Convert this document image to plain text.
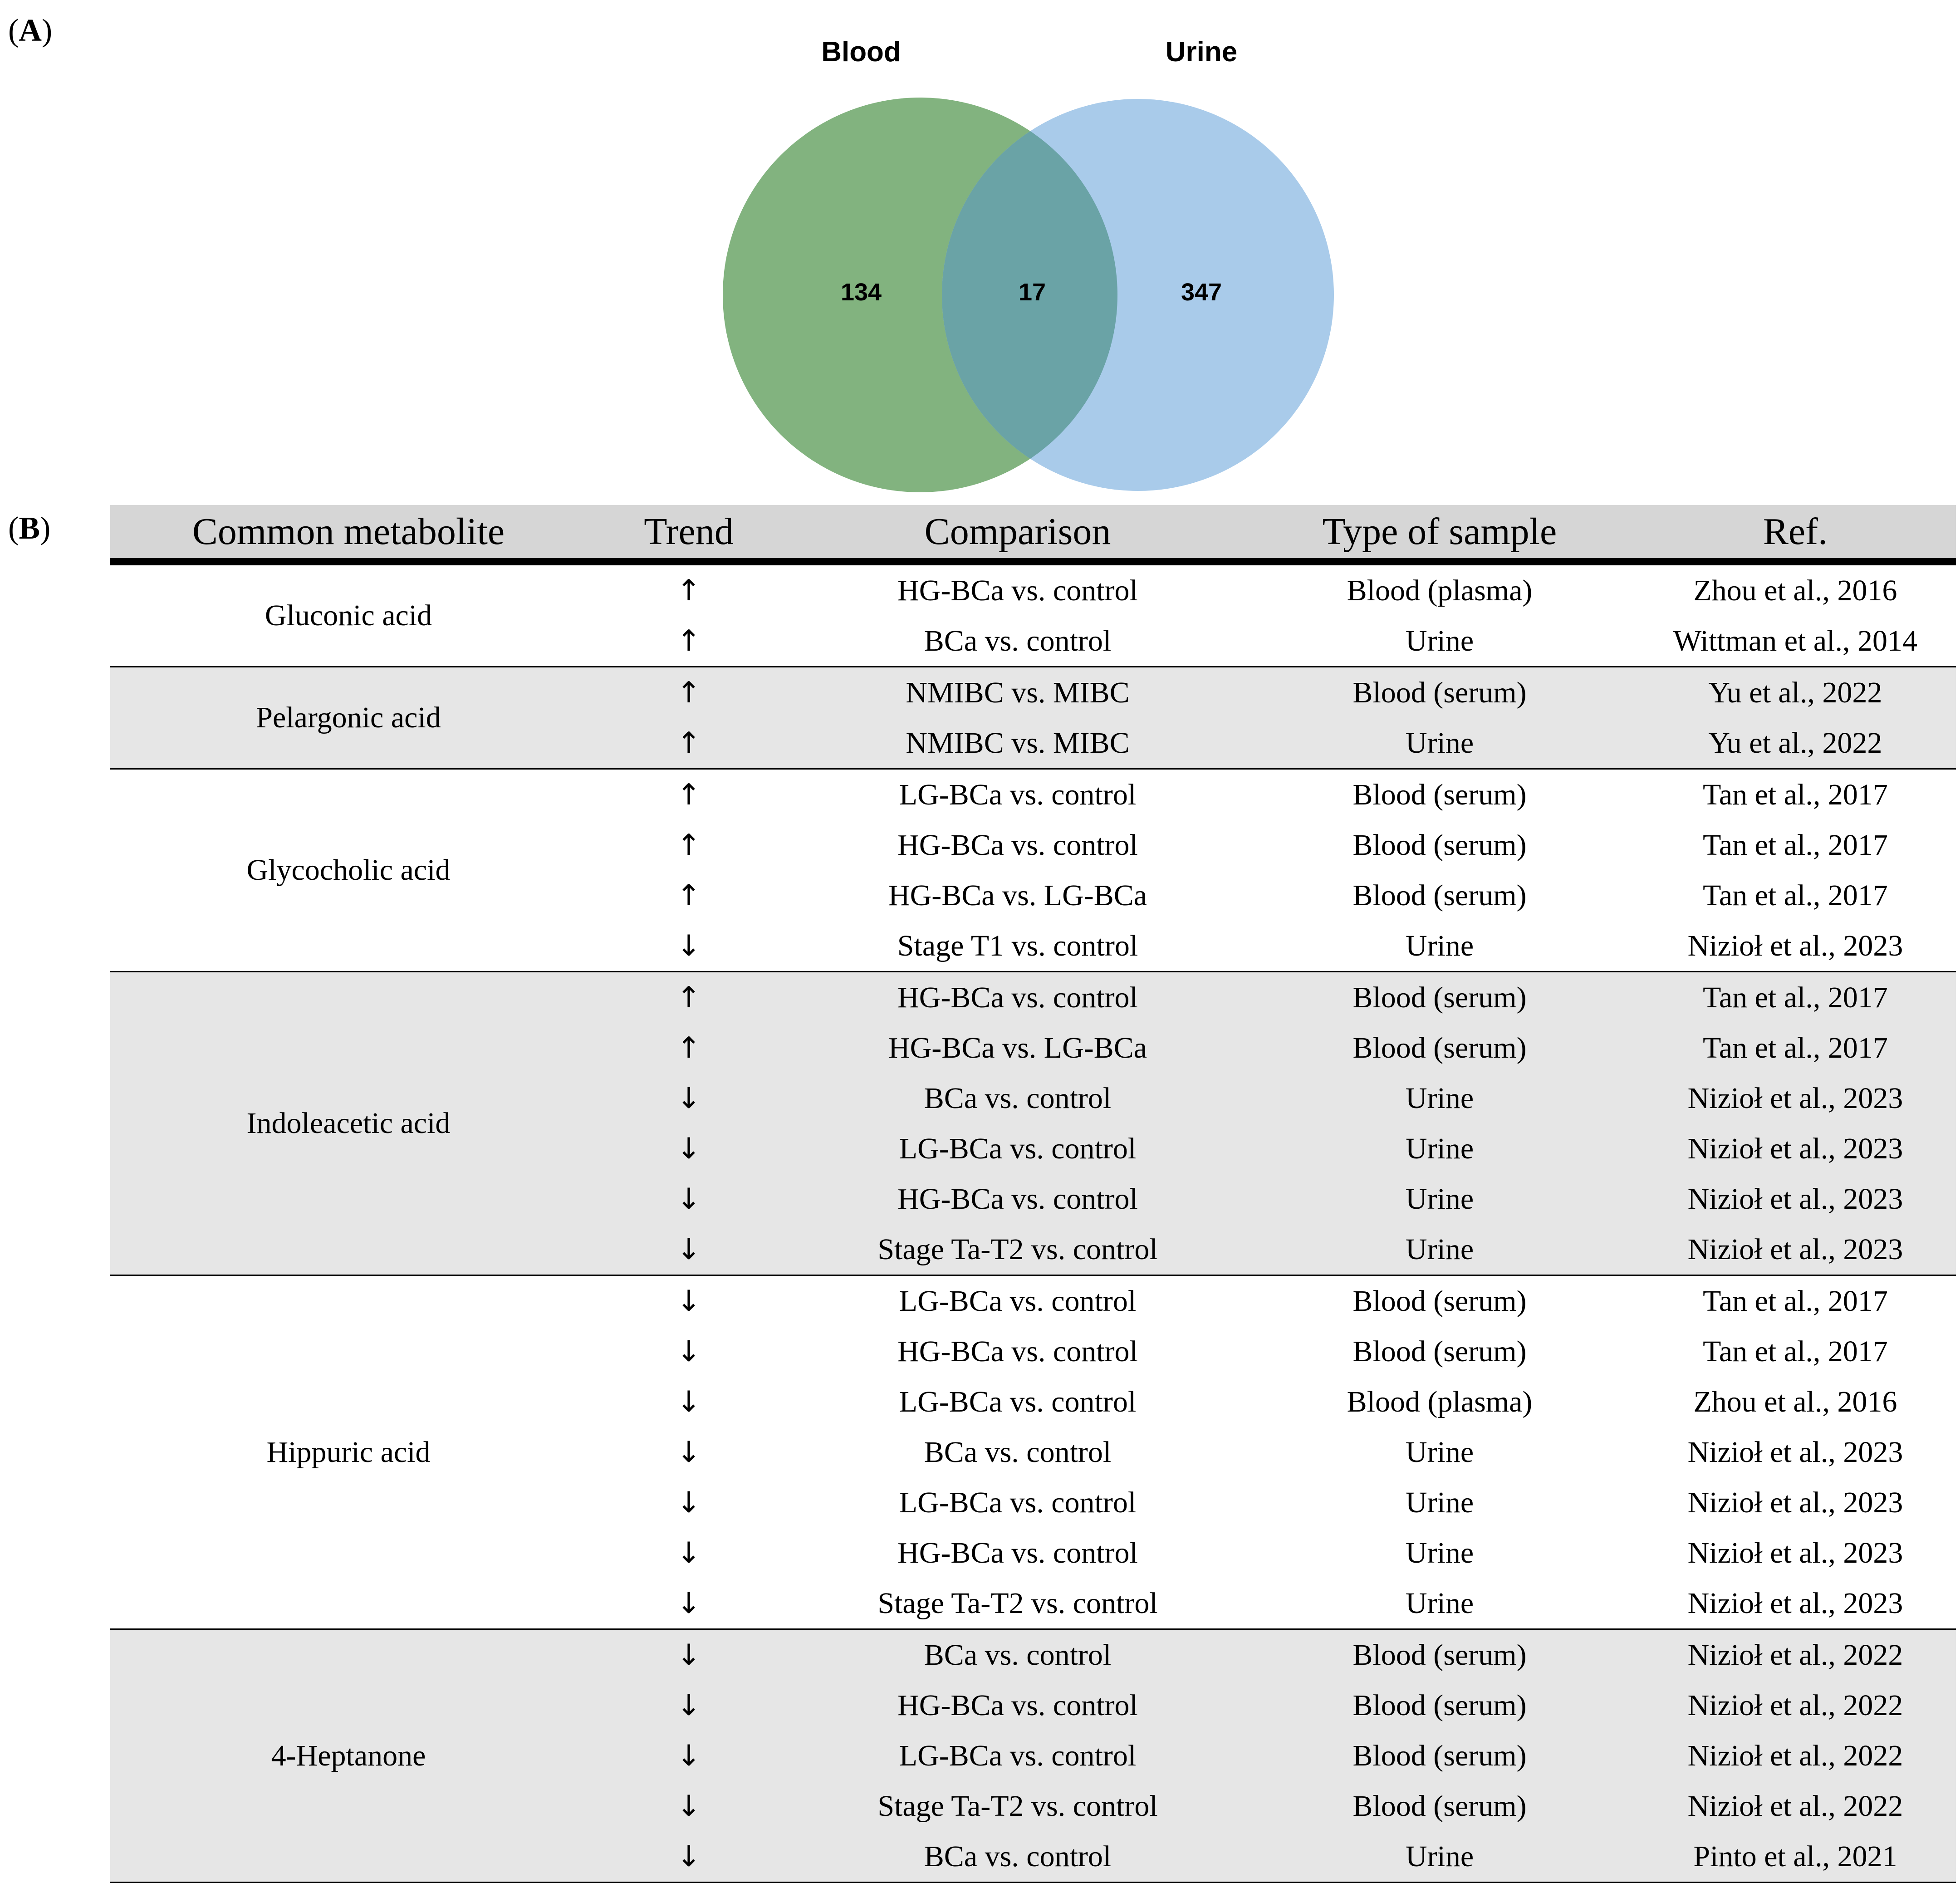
(A)
Blood	Urine
134	17	347
(B)	Common metabolite	Trend	Comparison	Type of sample	Ref.
Gluconic acid	↑	HG-BCa vs. control	Blood (plasma)	Zhou et al., 2016
	↑	BCa vs. control	Urine	Wittman et al., 2014
Pelargonic acid	↑	NMIBC vs. MIBC	Blood (serum)	Yu et al., 2022
	↑	NMIBC vs. MIBC	Urine	Yu et al., 2022
Glycocholic acid	↑	LG-BCa vs. control	Blood (serum)	Tan et al., 2017
	↑	HG-BCa vs. control	Blood (serum)	Tan et al., 2017
	↑	HG-BCa vs. LG-BCa	Blood (serum)	Tan et al., 2017
	↓	Stage T1 vs. control	Urine	Nizioł et al., 2023
Indoleacetic acid	↑	HG-BCa vs. control	Blood (serum)	Tan et al., 2017
	↑	HG-BCa vs. LG-BCa	Blood (serum)	Tan et al., 2017
	↓	BCa vs. control	Urine	Nizioł et al., 2023
	↓	LG-BCa vs. control	Urine	Nizioł et al., 2023
	↓	HG-BCa vs. control	Urine	Nizioł et al., 2023
	↓	Stage Ta-T2 vs. control	Urine	Nizioł et al., 2023
Hippuric acid	↓	LG-BCa vs. control	Blood (serum)	Tan et al., 2017
	↓	HG-BCa vs. control	Blood (serum)	Tan et al., 2017
	↓	LG-BCa vs. control	Blood (plasma)	Zhou et al., 2016
	↓	BCa vs. control	Urine	Nizioł et al., 2023
	↓	LG-BCa vs. control	Urine	Nizioł et al., 2023
	↓	HG-BCa vs. control	Urine	Nizioł et al., 2023
	↓	Stage Ta-T2 vs. control	Urine	Nizioł et al., 2023
4-Heptanone	↓	BCa vs. control	Blood (serum)	Nizioł et al., 2022
	↓	HG-BCa vs. control	Blood (serum)	Nizioł et al., 2022
	↓	LG-BCa vs. control	Blood (serum)	Nizioł et al., 2022
	↓	Stage Ta-T2 vs. control	Blood (serum)	Nizioł et al., 2022
	↓	BCa vs. control	Urine	Pinto et al., 2021
